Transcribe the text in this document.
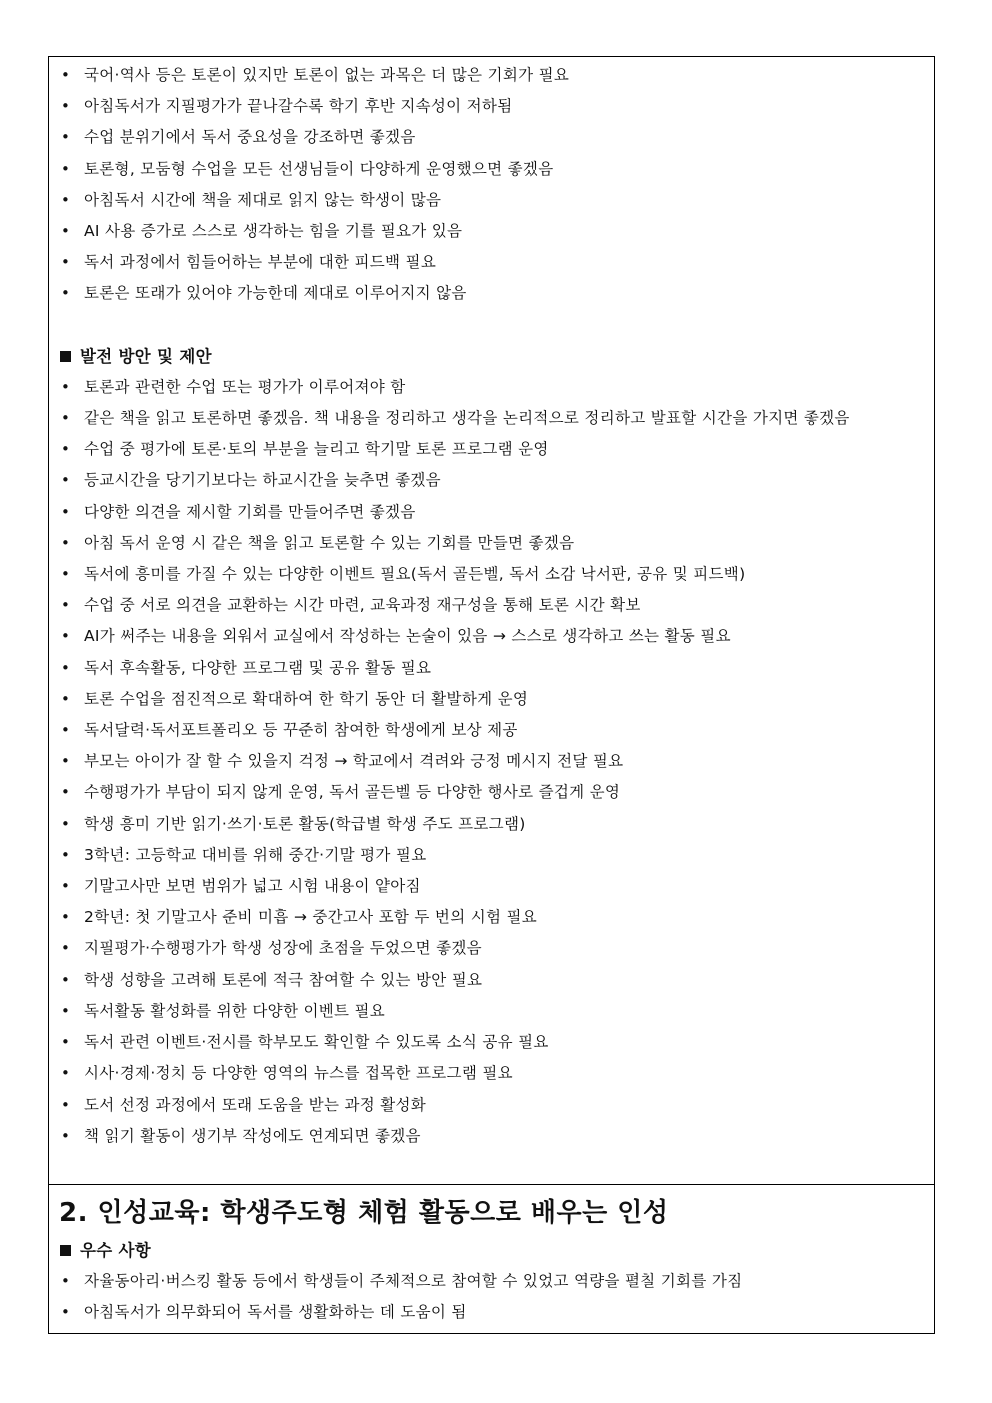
• 국어·역사 등은 토론이 있지만 토론이 없는 과목은 더 많은 기회가 필요
• 아침독서가 지필평가가 끝나갈수록 학기 후반 지속성이 저하됨
• 수업 분위기에서 독서 중요성을 강조하면 좋겠음
• 토론형, 모둠형 수업을 모든 선생님들이 다양하게 운영했으면 좋겠음
• 아침독서 시간에 책을 제대로 읽지 않는 학생이 많음
• AI 사용 증가로 스스로 생각하는 힘을 기를 필요가 있음
• 독서 과정에서 힘들어하는 부분에 대한 피드백 필요
• 토론은 또래가 있어야 가능한데 제대로 이루어지지 않음
발전 방안 및 제안
• 토론과 관련한 수업 또는 평가가 이루어져야 함
• 같은 책을 읽고 토론하면 좋겠음. 책 내용을 정리하고 생각을 논리적으로 정리하고 발표할 시간을 가지면 좋겠음
• 수업 중 평가에 토론·토의 부분을 늘리고 학기말 토론 프로그램 운영
• 등교시간을 당기기보다는 하교시간을 늦추면 좋겠음
• 다양한 의견을 제시할 기회를 만들어주면 좋겠음
• 아침 독서 운영 시 같은 책을 읽고 토론할 수 있는 기회를 만들면 좋겠음
• 독서에 흥미를 가질 수 있는 다양한 이벤트 필요(독서 골든벨, 독서 소감 낙서판, 공유 및 피드백)
• 수업 중 서로 의견을 교환하는 시간 마련, 교육과정 재구성을 통해 토론 시간 확보
• AI가 써주는 내용을 외워서 교실에서 작성하는 논술이 있음 → 스스로 생각하고 쓰는 활동 필요
• 독서 후속활동, 다양한 프로그램 및 공유 활동 필요
• 토론 수업을 점진적으로 확대하여 한 학기 동안 더 활발하게 운영
• 독서달력·독서포트폴리오 등 꾸준히 참여한 학생에게 보상 제공
• 부모는 아이가 잘 할 수 있을지 걱정 → 학교에서 격려와 긍정 메시지 전달 필요
• 수행평가가 부담이 되지 않게 운영, 독서 골든벨 등 다양한 행사로 즐겁게 운영
• 학생 흥미 기반 읽기·쓰기·토론 활동(학급별 학생 주도 프로그램)
• 3학년: 고등학교 대비를 위해 중간·기말 평가 필요
• 기말고사만 보면 범위가 넓고 시험 내용이 얕아짐
• 2학년: 첫 기말고사 준비 미흡 → 중간고사 포함 두 번의 시험 필요
• 지필평가·수행평가가 학생 성장에 초점을 두었으면 좋겠음
• 학생 성향을 고려해 토론에 적극 참여할 수 있는 방안 필요
• 독서활동 활성화를 위한 다양한 이벤트 필요
• 독서 관련 이벤트·전시를 학부모도 확인할 수 있도록 소식 공유 필요
• 시사·경제·정치 등 다양한 영역의 뉴스를 접목한 프로그램 필요
• 도서 선정 과정에서 또래 도움을 받는 과정 활성화
• 책 읽기 활동이 생기부 작성에도 연계되면 좋겠음
2. 인성교육: 학생주도형 체험 활동으로 배우는 인성
우수 사항
• 자율동아리·버스킹 활동 등에서 학생들이 주체적으로 참여할 수 있었고 역량을 펼칠 기회를 가짐
• 아침독서가 의무화되어 독서를 생활화하는 데 도움이 됨
